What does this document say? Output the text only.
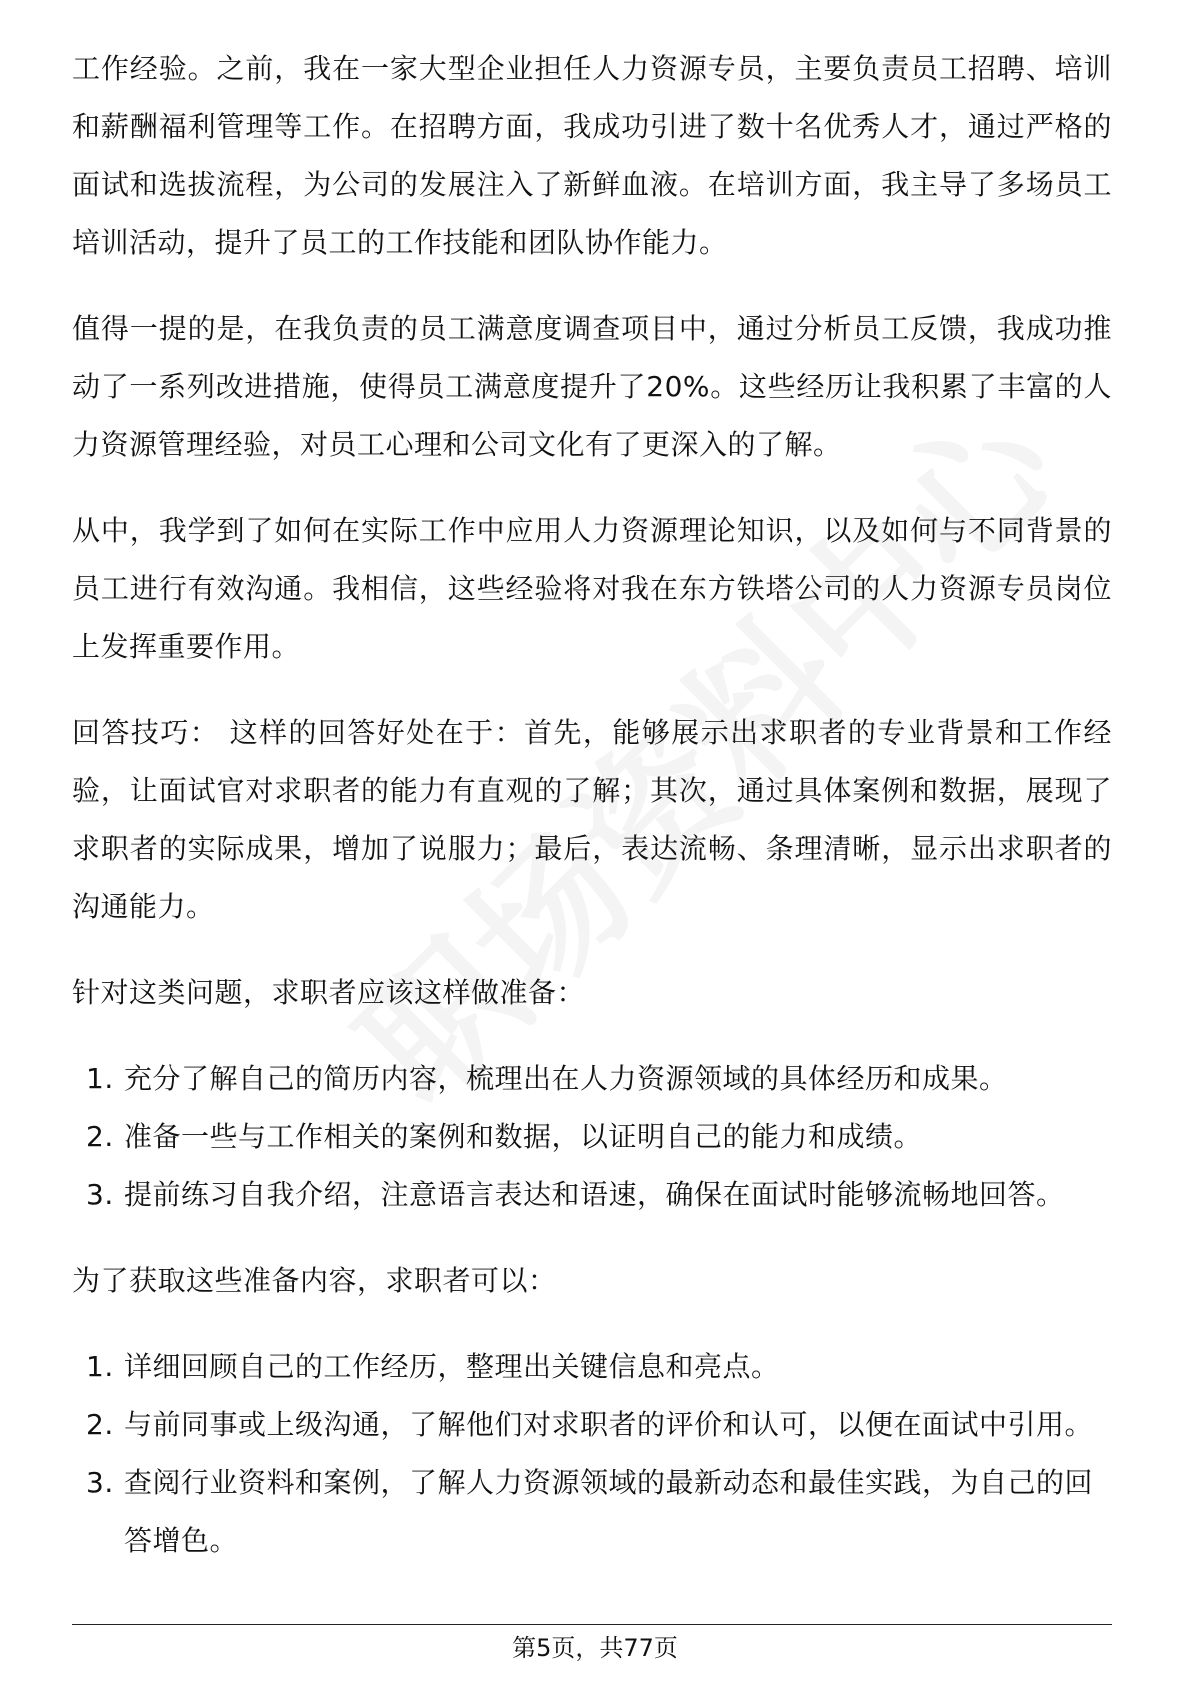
工作经验。之前，我在一家大型企业担任人力资源专员，主要负责员工招聘、培训和薪酬福利管理等工作。在招聘方面，我成功引进了数十名优秀人才，通过严格的面试和选拔流程，为公司的发展注入了新鲜血液。在培训方面，我主导了多场员工培训活动，提升了员工的工作技能和团队协作能力。

值得一提的是，在我负责的员工满意度调查项目中，通过分析员工反馈，我成功推动了一系列改进措施，使得员工满意度提升了20%。这些经历让我积累了丰富的人力资源管理经验，对员工心理和公司文化有了更深入的了解。

从中，我学到了如何在实际工作中应用人力资源理论知识，以及如何与不同背景的员工进行有效沟通。我相信，这些经验将对我在东方铁塔公司的人力资源专员岗位上发挥重要作用。

回答技巧： 这样的回答好处在于：首先，能够展示出求职者的专业背景和工作经验，让面试官对求职者的能力有直观的了解；其次，通过具体案例和数据，展现了求职者的实际成果，增加了说服力；最后，表达流畅、条理清晰，显示出求职者的沟通能力。

针对这类问题，求职者应该这样做准备：

1. 充分了解自己的简历内容，梳理出在人力资源领域的具体经历和成果。
2. 准备一些与工作相关的案例和数据，以证明自己的能力和成绩。
3. 提前练习自我介绍，注意语言表达和语速，确保在面试时能够流畅地回答。

为了获取这些准备内容，求职者可以：

1. 详细回顾自己的工作经历，整理出关键信息和亮点。
2. 与前同事或上级沟通，了解他们对求职者的评价和认可，以便在面试中引用。
3. 查阅行业资料和案例，了解人力资源领域的最新动态和最佳实践，为自己的回答增色。
第5页，共77页
